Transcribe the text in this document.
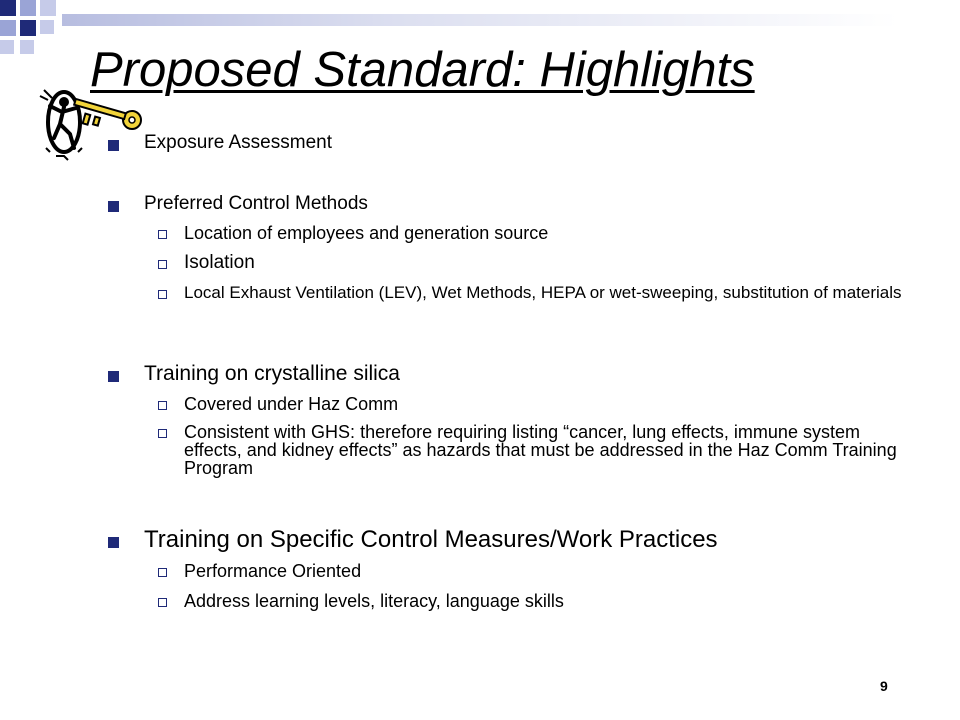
Proposed Standard: Highlights
Exposure Assessment
Preferred Control Methods
Location of employees and generation source
Isolation
Local Exhaust Ventilation (LEV), Wet Methods, HEPA or wet-sweeping, substitution of materials
Training on crystalline silica
Covered under Haz Comm
Consistent with GHS: therefore requiring listing “cancer, lung effects, immune system effects, and kidney effects” as hazards that must be addressed in the Haz Comm Training Program
Training on Specific Control Measures/Work Practices
Performance Oriented
Address learning levels, literacy, language skills
9
